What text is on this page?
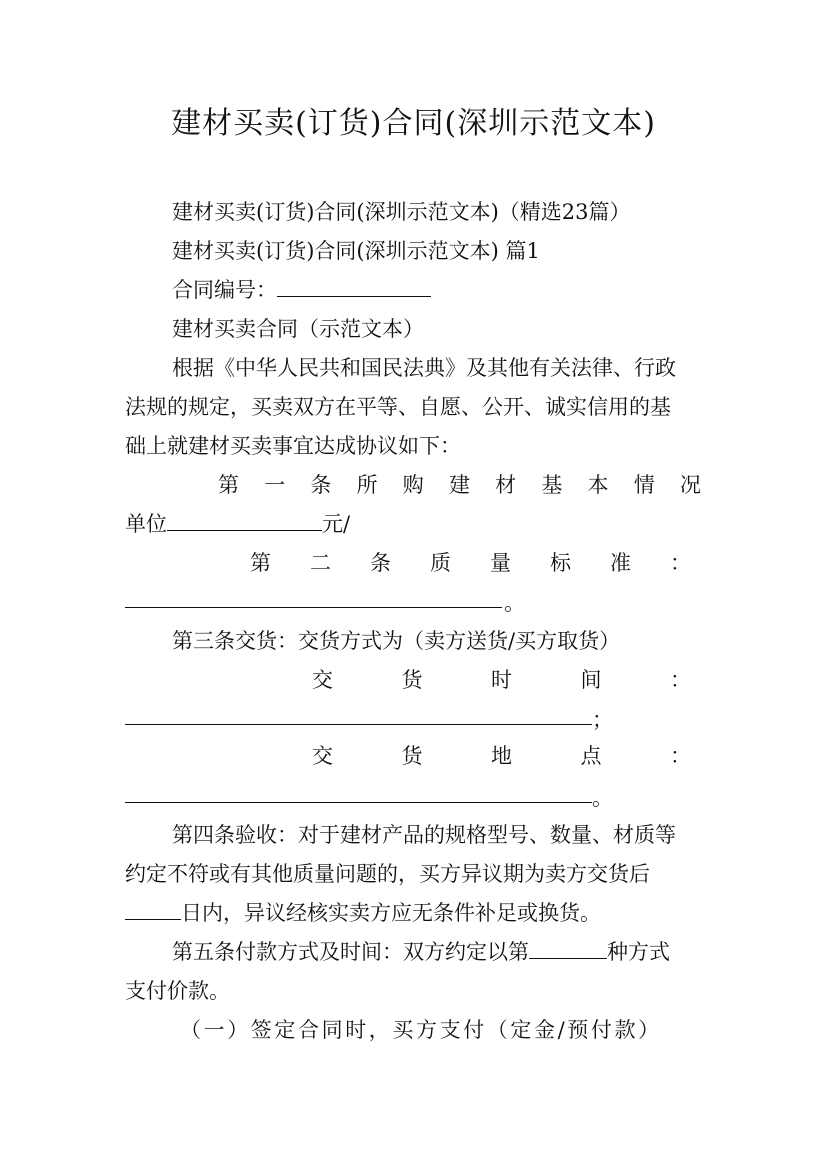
建材买卖(订货)合同(深圳示范文本)
建材买卖(订货)合同(深圳示范文本)（精选23篇）
建材买卖(订货)合同(深圳示范文本) 篇1
合同编号：
建材买卖合同（示范文本）
根据《中华人民共和国民法典》及其他有关法律、行政
法规的规定，买卖双方在平等、自愿、公开、诚实信用的基
础上就建材买卖事宜达成协议如下：
第 一 条 所 购 建 材 基 本 情 况
单位	元/
第 二 条 质 量 标 准 ：
。
第三条交货：交货方式为（卖方送货/买方取货）
交	货	时	间	：
；
交	货	地	点	：
。
第四条验收：对于建材产品的规格型号、数量、材质等
约定不符或有其他质量问题的，买方异议期为卖方交货后
日内，异议经核实卖方应无条件补足或换货。
第五条付款方式及时间：双方约定以第	种方式
支付价款。
（一）签定合同时，买方支付（定金/预付款）
